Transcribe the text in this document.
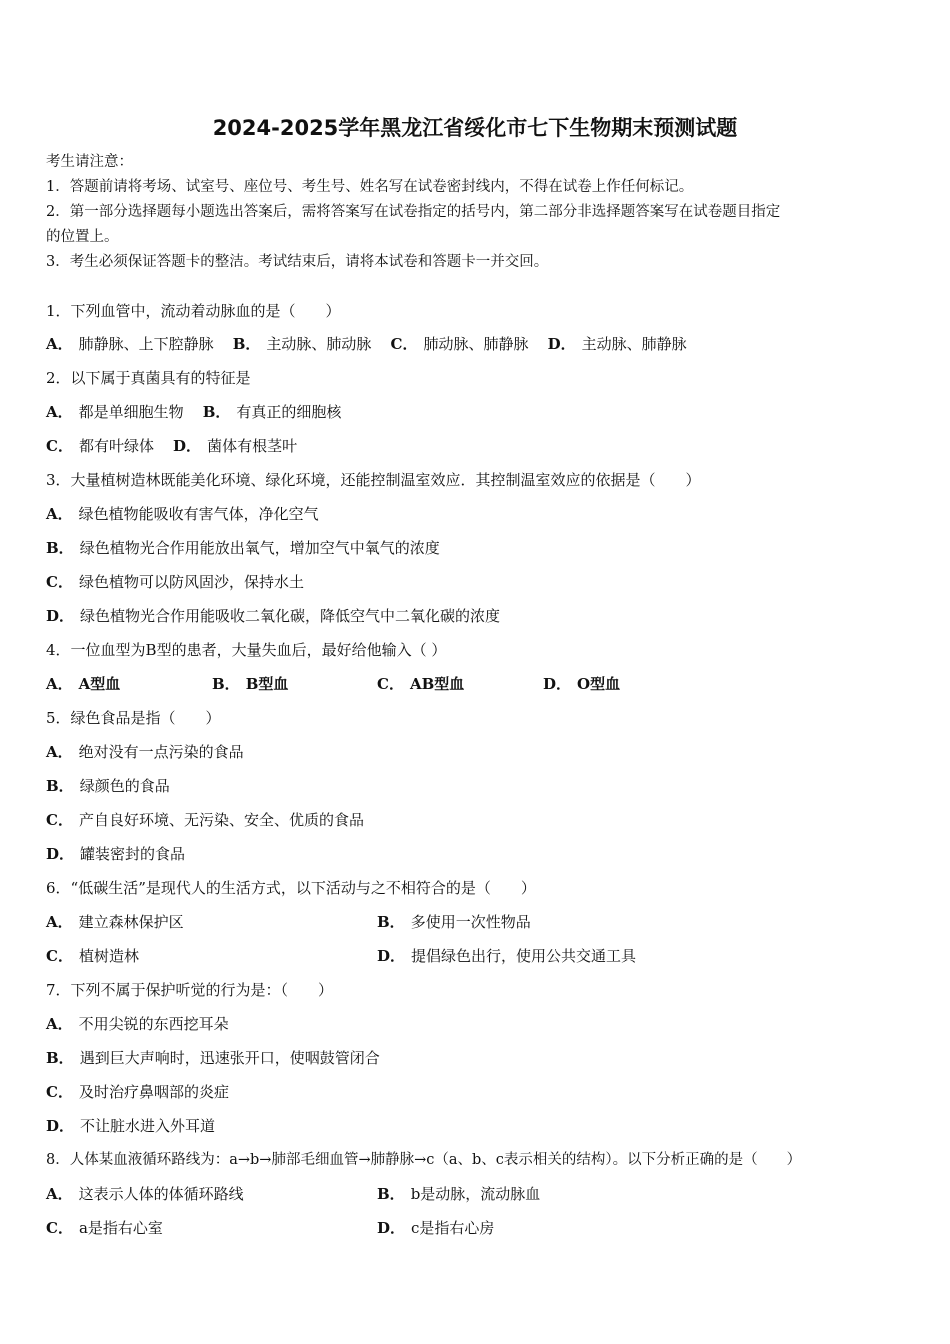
2024-2025学年黑龙江省绥化市七下生物期末预测试题
考生请注意：
1．答题前请将考场、试室号、座位号、考生号、姓名写在试卷密封线内，不得在试卷上作任何标记。
2．第一部分选择题每小题选出答案后，需将答案写在试卷指定的括号内，第二部分非选择题答案写在试卷题目指定
的位置上。
3．考生必须保证答题卡的整洁。考试结束后，请将本试卷和答题卡一并交回。
1．下列血管中，流动着动脉血的是（　　）
A． 肺静脉、上下腔静脉 B． 主动脉、肺动脉 C． 肺动脉、肺静脉 D． 主动脉、肺静脉
2．以下属于真菌具有的特征是
A． 都是单细胞生物 B． 有真正的细胞核
C． 都有叶绿体 D． 菌体有根茎叶
3．大量植树造林既能美化环境、绿化环境，还能控制温室效应．其控制温室效应的依据是（　　）
A． 绿色植物能吸收有害气体，净化空气
B． 绿色植物光合作用能放出氧气，增加空气中氧气的浓度
C． 绿色植物可以防风固沙，保持水土
D． 绿色植物光合作用能吸收二氧化碳，降低空气中二氧化碳的浓度
4．一位血型为B型的患者，大量失血后，最好给他输入（ ）
A． A型血	B． B型血	C． AB型血	D． O型血
5．绿色食品是指（　　）
A． 绝对没有一点污染的食品
B． 绿颜色的食品
C． 产自良好环境、无污染、安全、优质的食品
D． 罐装密封的食品
6．“低碳生活”是现代人的生活方式，以下活动与之不相符合的是（　　）
A． 建立森林保护区	B． 多使用一次性物品
C． 植树造林	D． 提倡绿色出行，使用公共交通工具
7．下列不属于保护听觉的行为是：（　　）
A． 不用尖锐的东西挖耳朵
B． 遇到巨大声响时，迅速张开口，使咽鼓管闭合
C． 及时治疗鼻咽部的炎症
D． 不让脏水进入外耳道
8．人体某血液循环路线为：a→b→肺部毛细血管→肺静脉→c（a、b、c表示相关的结构）。以下分析正确的是（　　）
A． 这表示人体的体循环路线	B． b是动脉，流动脉血
C． a是指右心室	D． c是指右心房
